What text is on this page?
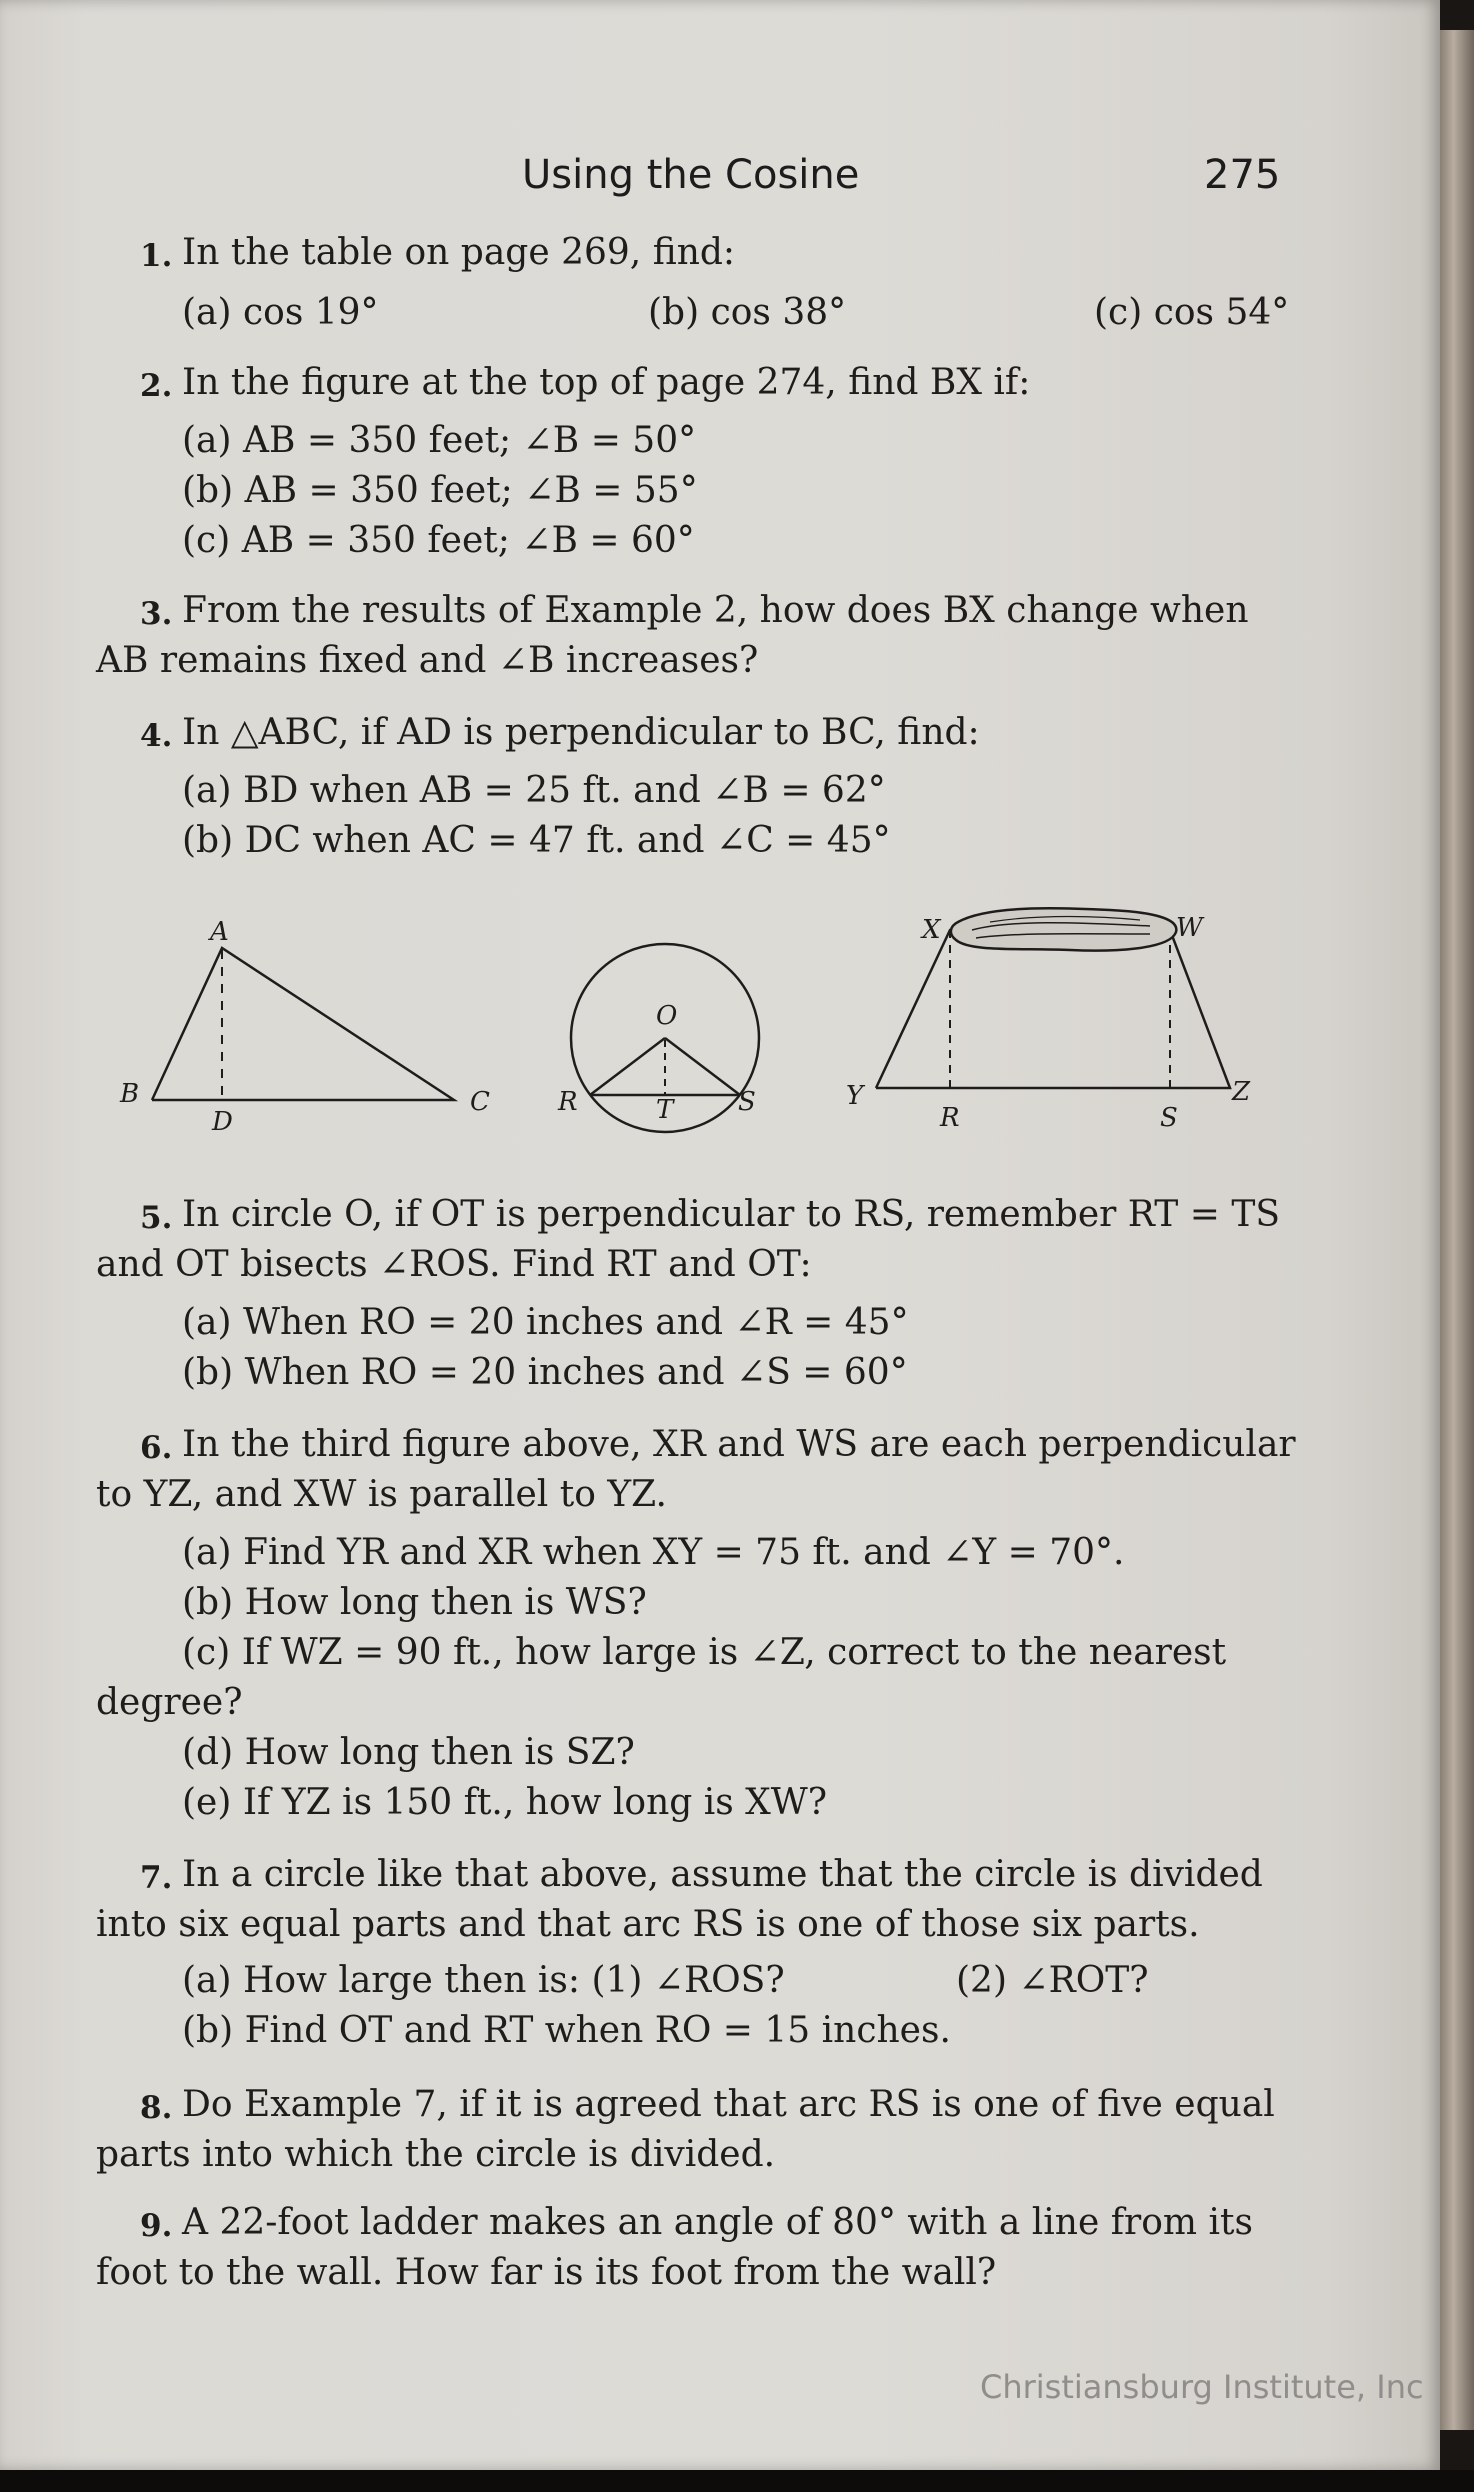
Using the Cosine	275
1. In the table on page 269, find:
(a) cos 19°	(b) cos 38°	(c) cos 54°
2. In the figure at the top of page 274, find BX if:
(a) AB = 350 feet; ∠B = 50°
(b) AB = 350 feet; ∠B = 55°
(c) AB = 350 feet; ∠B = 60°
3. From the results of Example 2, how does BX change when
AB remains fixed and ∠B increases?
4. In △ABC, if AD is perpendicular to BC, find:
(a) BD when AB = 25 ft. and ∠B = 62°
(b) DC when AC = 47 ft. and ∠C = 45°
A
B	C
D
O
R	S
T
X	W
Y	Z
R	S
5. In circle O, if OT is perpendicular to RS, remember RT = TS
and OT bisects ∠ROS. Find RT and OT:
(a) When RO = 20 inches and ∠R = 45°
(b) When RO = 20 inches and ∠S = 60°
6. In the third figure above, XR and WS are each perpendicular
to YZ, and XW is parallel to YZ.
(a) Find YR and XR when XY = 75 ft. and ∠Y = 70°.
(b) How long then is WS?
(c) If WZ = 90 ft., how large is ∠Z, correct to the nearest
degree?
(d) How long then is SZ?
(e) If YZ is 150 ft., how long is XW?
7. In a circle like that above, assume that the circle is divided
into six equal parts and that arc RS is one of those six parts.
(a) How large then is: (1) ∠ROS?	(2) ∠ROT?
(b) Find OT and RT when RO = 15 inches.
8. Do Example 7, if it is agreed that arc RS is one of five equal
parts into which the circle is divided.
9. A 22-foot ladder makes an angle of 80° with a line from its
foot to the wall. How far is its foot from the wall?
Christiansburg Institute, Inc
